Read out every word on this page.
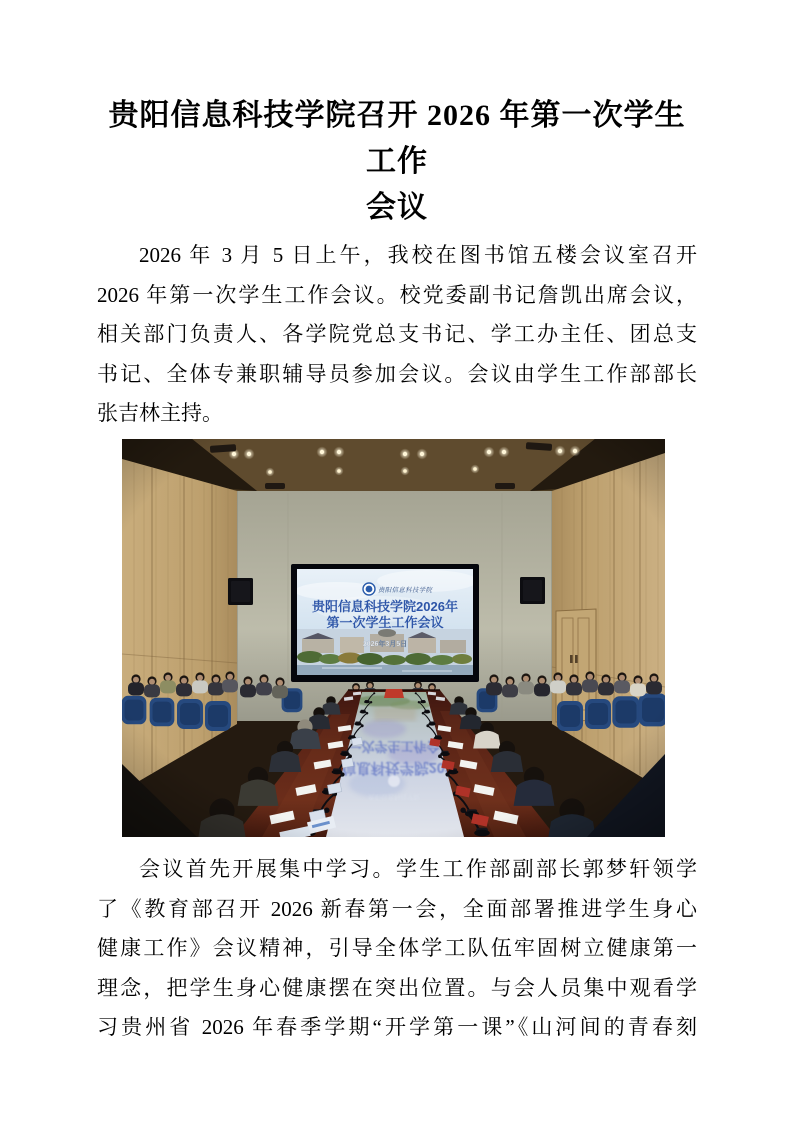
贵阳信息科技学院召开 2026 年第一次学生工作
会议
2026 年 3 月 5 日上午，我校在图书馆五楼会议室召开
2026 年第一次学生工作会议。校党委副书记詹凯出席会议，
相关部门负责人、各学院党总支书记、学工办主任、团总支
书记、全体专兼职辅导员参加会议。会议由学生工作部部长
张吉林主持。
会议首先开展集中学习。学生工作部副部长郭梦轩领学
了《教育部召开 2026 新春第一会，全面部署推进学生身心
健康工作》会议精神，引导全体学工队伍牢固树立健康第一
理念，把学生身心健康摆在突出位置。与会人员集中观看学
习贵州省 2026 年春季学期“开学第一课”《山河间的青春刻
